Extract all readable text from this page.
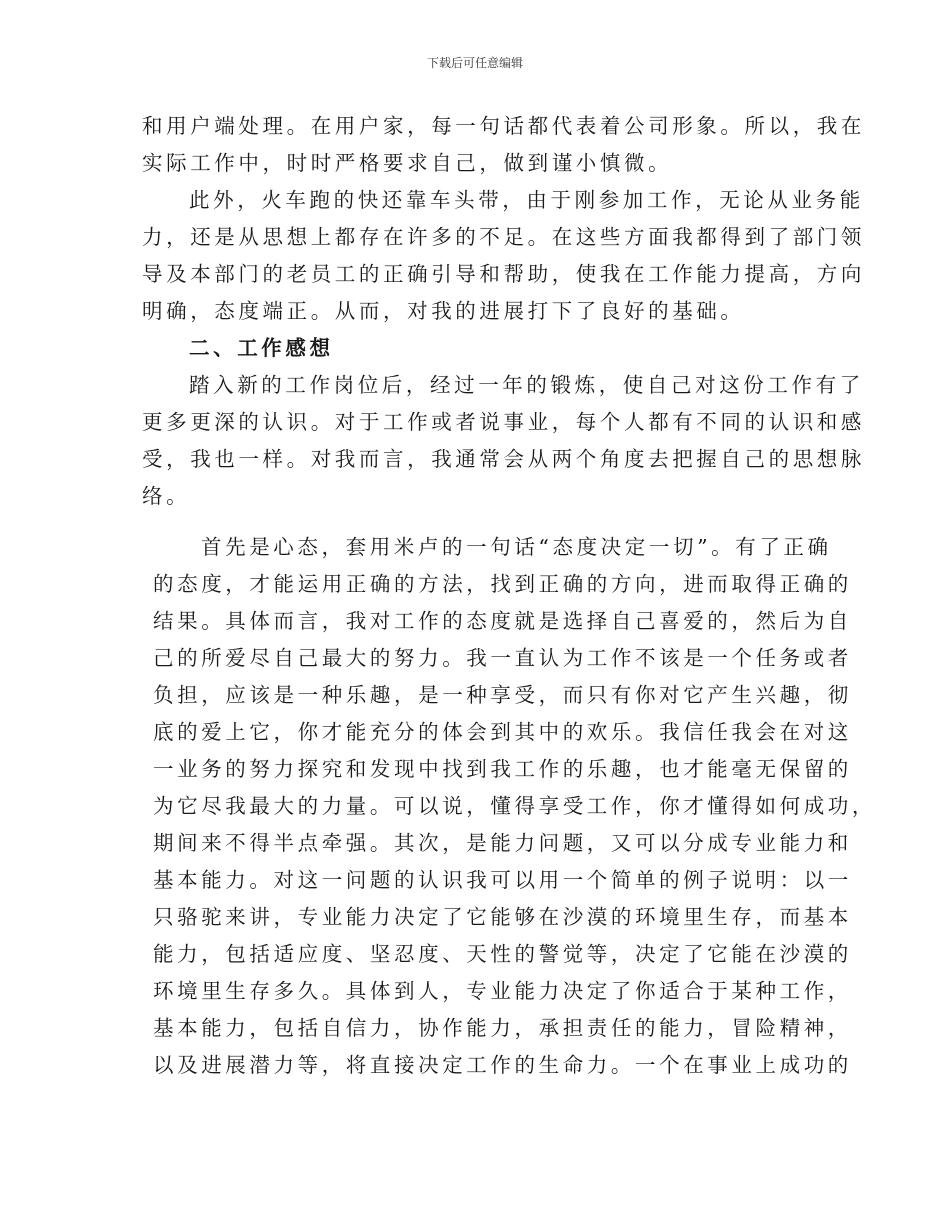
下载后可任意编辑
和用户端处理。在用户家，每一句话都代表着公司形象。所以，我在
实际工作中，时时严格要求自己，做到谨小慎微。
此外，火车跑的快还靠车头带，由于刚参加工作，无论从业务能
力，还是从思想上都存在许多的不足。在这些方面我都得到了部门领
导及本部门的老员工的正确引导和帮助，使我在工作能力提高，方向
明确，态度端正。从而，对我的进展打下了良好的基础。
二、工作感想
踏入新的工作岗位后，经过一年的锻炼，使自己对这份工作有了
更多更深的认识。对于工作或者说事业，每个人都有不同的认识和感
受，我也一样。对我而言，我通常会从两个角度去把握自己的思想脉
络。
首先是心态，套用米卢的一句话“态度决定一切”。有了正确
的态度，才能运用正确的方法，找到正确的方向，进而取得正确的
结果。具体而言，我对工作的态度就是选择自己喜爱的，然后为自
己的所爱尽自己最大的努力。我一直认为工作不该是一个任务或者
负担，应该是一种乐趣，是一种享受，而只有你对它产生兴趣，彻
底的爱上它，你才能充分的体会到其中的欢乐。我信任我会在对这
一业务的努力探究和发现中找到我工作的乐趣，也才能毫无保留的
为它尽我最大的力量。可以说，懂得享受工作，你才懂得如何成功，
期间来不得半点牵强。其次，是能力问题，又可以分成专业能力和
基本能力。对这一问题的认识我可以用一个简单的例子说明：以一
只骆驼来讲，专业能力决定了它能够在沙漠的环境里生存，而基本
能力，包括适应度、坚忍度、天性的警觉等，决定了它能在沙漠的
环境里生存多久。具体到人，专业能力决定了你适合于某种工作，
基本能力，包括自信力，协作能力，承担责任的能力，冒险精神，
以及进展潜力等，将直接决定工作的生命力。一个在事业上成功的
